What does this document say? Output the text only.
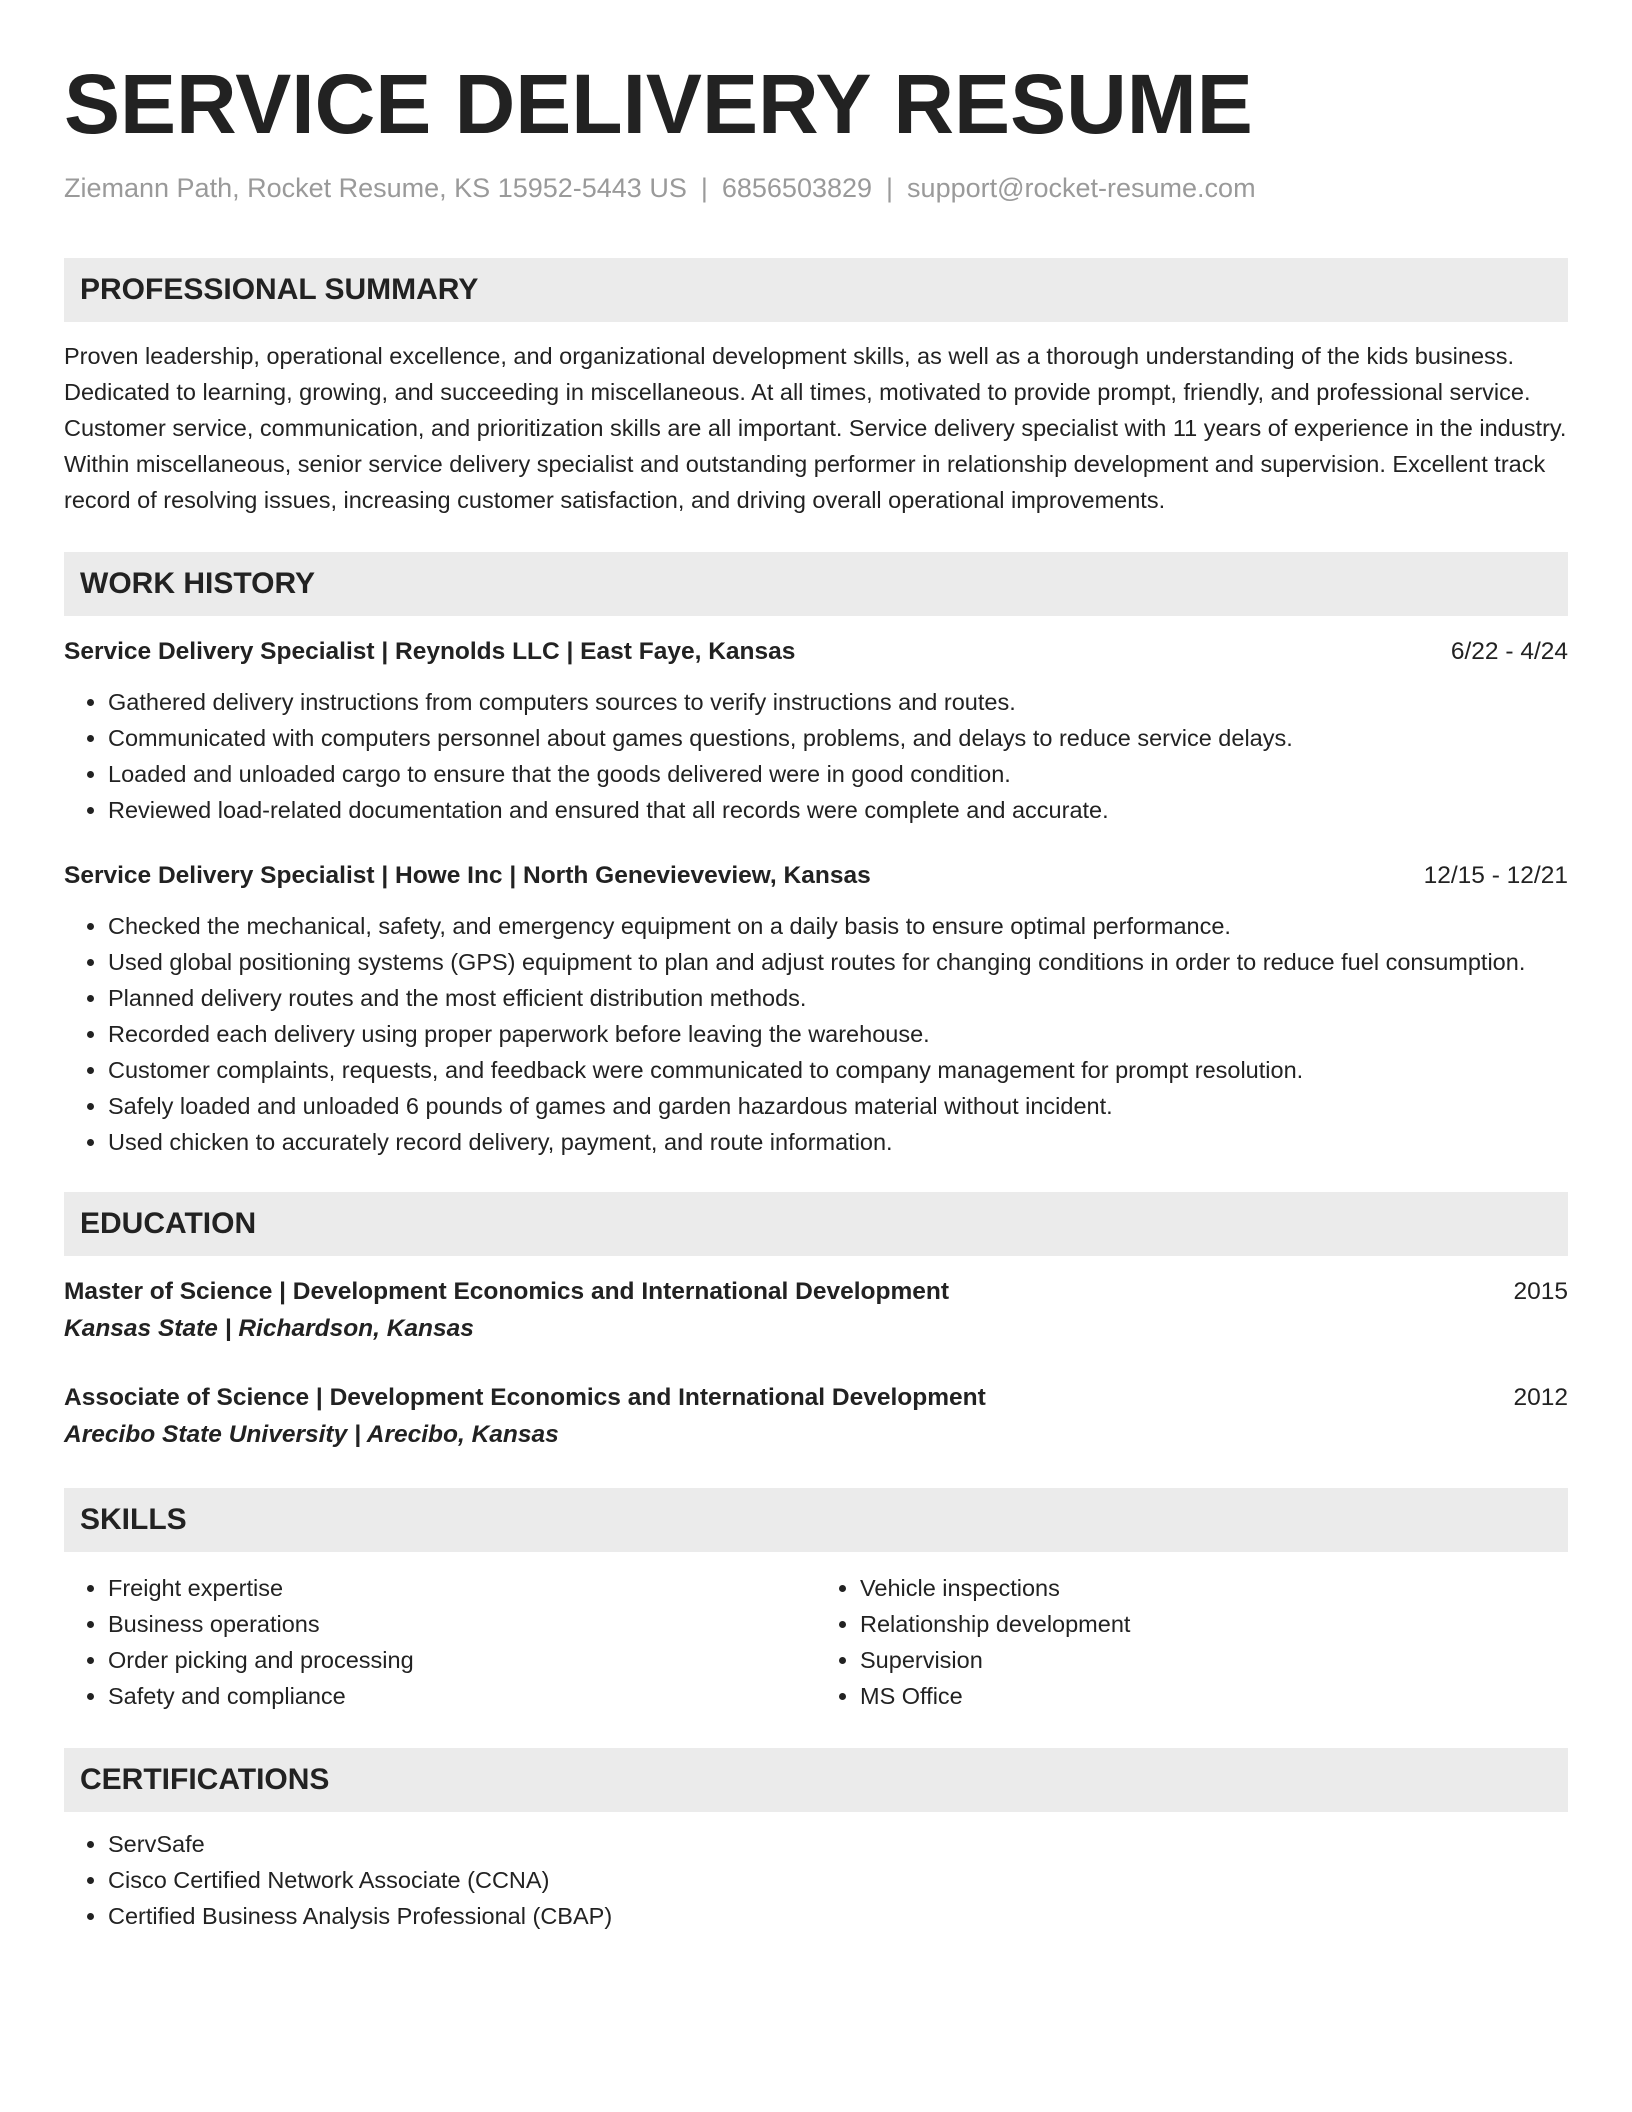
SERVICE DELIVERY RESUME
Ziemann Path, Rocket Resume, KS 15952-5443 US | 6856503829 | support@rocket-resume.com
PROFESSIONAL SUMMARY

Proven leadership, operational excellence, and organizational development skills, as well as a thorough understanding of the kids business. Dedicated to learning, growing, and succeeding in miscellaneous. At all times, motivated to provide prompt, friendly, and professional service. Customer service, communication, and prioritization skills are all important. Service delivery specialist with 11 years of experience in the industry. Within miscellaneous, senior service delivery specialist and outstanding performer in relationship development and supervision. Excellent track record of resolving issues, increasing customer satisfaction, and driving overall operational improvements.

WORK HISTORY
Service Delivery Specialist | Reynolds LLC | East Faye, Kansas	6/22 - 4/24
• Gathered delivery instructions from computers sources to verify instructions and routes.
• Communicated with computers personnel about games questions, problems, and delays to reduce service delays.
• Loaded and unloaded cargo to ensure that the goods delivered were in good condition.
• Reviewed load-related documentation and ensured that all records were complete and accurate.
Service Delivery Specialist | Howe Inc | North Genevieveview, Kansas	12/15 - 12/21
• Checked the mechanical, safety, and emergency equipment on a daily basis to ensure optimal performance.
• Used global positioning systems (GPS) equipment to plan and adjust routes for changing conditions in order to reduce fuel consumption.
• Planned delivery routes and the most efficient distribution methods.
• Recorded each delivery using proper paperwork before leaving the warehouse.
• Customer complaints, requests, and feedback were communicated to company management for prompt resolution.
• Safely loaded and unloaded 6 pounds of games and garden hazardous material without incident.
• Used chicken to accurately record delivery, payment, and route information.
EDUCATION
Master of Science | Development Economics and International Development	2015
Kansas State | Richardson, Kansas
Associate of Science | Development Economics and International Development	2012
Arecibo State University | Arecibo, Kansas
SKILLS
• Freight expertise
• Business operations
• Order picking and processing
• Safety and compliance
• Vehicle inspections
• Relationship development
• Supervision
• MS Office
CERTIFICATIONS
• ServSafe
• Cisco Certified Network Associate (CCNA)
• Certified Business Analysis Professional (CBAP)
